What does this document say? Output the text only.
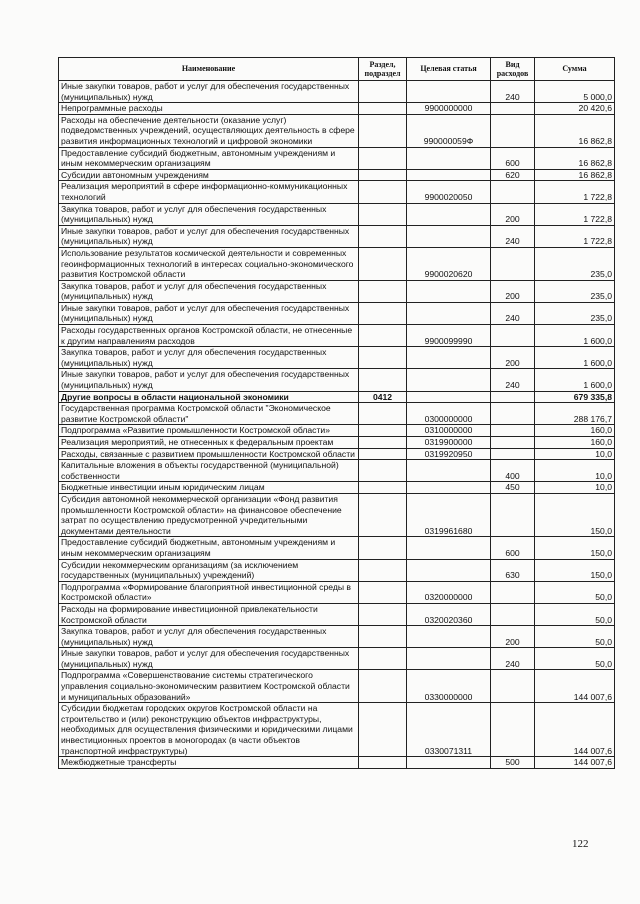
Наименование	Раздел, подраздел	Целевая статья	Вид расходов	Сумма
Иные закупки товаров, работ и услуг для обеспечения государственных (муниципальных) нужд			240	5 000,0
Непрограммные расходы		9900000000		20 420,6
Расходы на обеспечение деятельности (оказание услуг) подведомственных учреждений, осуществляющих деятельность в сфере развития информационных технологий и цифровой экономики		990000059Ф		16 862,8
Предоставление субсидий бюджетным, автономным учреждениям и иным некоммерческим организациям			600	16 862,8
Субсидии автономным учреждениям			620	16 862,8
Реализация мероприятий в сфере информационно-коммуникационных технологий		9900020050		1 722,8
Закупка товаров, работ и услуг для обеспечения государственных (муниципальных) нужд			200	1 722,8
Иные закупки товаров, работ и услуг для обеспечения государственных (муниципальных) нужд			240	1 722,8
Использование результатов космической деятельности и современных геоинформационных технологий в интересах социально-экономического развития Костромской области		9900020620		235,0
Закупка товаров, работ и услуг для обеспечения государственных (муниципальных) нужд			200	235,0
Иные закупки товаров, работ и услуг для обеспечения государственных (муниципальных) нужд			240	235,0
Расходы государственных органов Костромской области, не отнесенные к другим направлениям расходов		9900099990		1 600,0
Закупка товаров, работ и услуг для обеспечения государственных (муниципальных) нужд			200	1 600,0
Иные закупки товаров, работ и услуг для обеспечения государственных (муниципальных) нужд			240	1 600,0
Другие вопросы в области национальной экономики	0412			679 335,8
Государственная программа Костромской области "Экономическое развитие Костромской области"		0300000000		288 176,7
Подпрограмма «Развитие промышленности Костромской области»		0310000000		160,0
Реализация мероприятий, не отнесенных к федеральным проектам		0319900000		160,0
Расходы, связанные с развитием промышленности Костромской области		0319920950		10,0
Капитальные вложения в объекты государственной (муниципальной) собственности			400	10,0
Бюджетные инвестиции иным юридическим лицам			450	10,0
Субсидия автономной некоммерческой организации «Фонд развития промышленности Костромской области» на финансовое обеспечение затрат по осуществлению предусмотренной учредительными документами деятельности		0319961680		150,0
Предоставление субсидий бюджетным, автономным учреждениям и иным некоммерческим организациям			600	150,0
Субсидии некоммерческим организациям (за исключением государственных (муниципальных) учреждений)			630	150,0
Подпрограмма «Формирование благоприятной инвестиционной среды в Костромской области»		0320000000		50,0
Расходы на формирование инвестиционной привлекательности Костромской области		0320020360		50,0
Закупка товаров, работ и услуг для обеспечения государственных (муниципальных) нужд			200	50,0
Иные закупки товаров, работ и услуг для обеспечения государственных (муниципальных) нужд			240	50,0
Подпрограмма «Совершенствование системы стратегического управления социально-экономическим развитием Костромской области и муниципальных образований»		0330000000		144 007,6
Субсидии бюджетам городских округов Костромской области на строительство и (или) реконструкцию объектов инфраструктуры, необходимых для осуществления физическими и юридическими лицами инвестиционных проектов в моногородах (в части объектов транспортной инфраструктуры)		0330071311		144 007,6
Межбюджетные трансферты			500	144 007,6
122
